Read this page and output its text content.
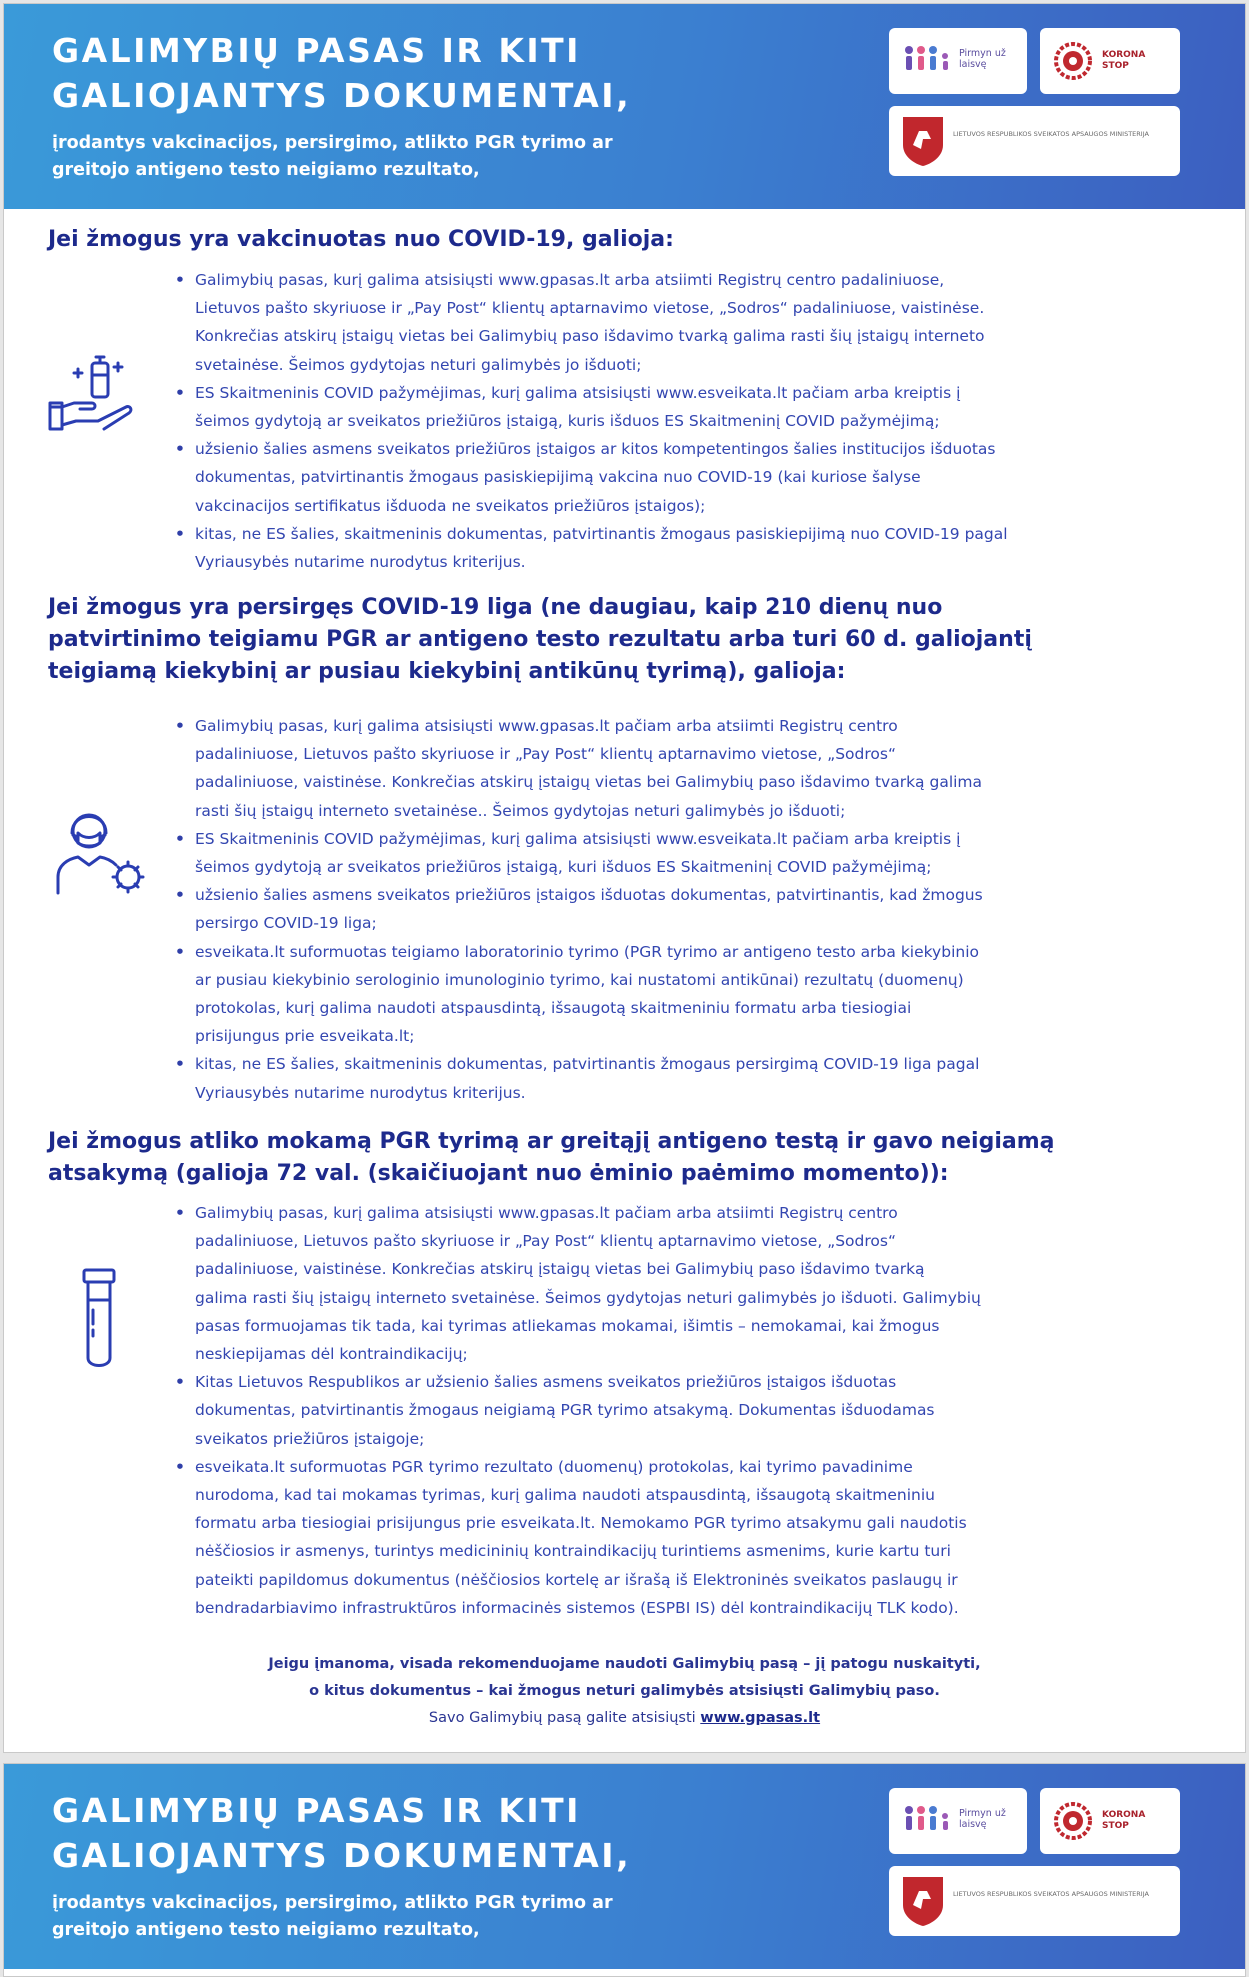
GALIMYBIŲ PASAS IR KITI
GALIOJANTYS DOKUMENTAI,
įrodantys vakcinacijos, persirgimo, atlikto PGR tyrimo ar
greitojo antigeno testo neigiamo rezultato,
Pirmyn už laisvę
KORONA STOP
LIETUVOS RESPUBLIKOS SVEIKATOS APSAUGOS MINISTERIJA
Jei žmogus yra vakcinuotas nuo COVID-19, galioja:
• Galimybių pasas, kurį galima atsisiųsti www.gpasas.lt arba atsiimti Registrų centro padaliniuose,
Lietuvos pašto skyriuose ir „Pay Post“ klientų aptarnavimo vietose, „Sodros“ padaliniuose, vaistinėse.
Konkrečias atskirų įstaigų vietas bei Galimybių paso išdavimo tvarką galima rasti šių įstaigų interneto
svetainėse. Šeimos gydytojas neturi galimybės jo išduoti;
• ES Skaitmeninis COVID pažymėjimas, kurį galima atsisiųsti www.esveikata.lt pačiam arba kreiptis į
šeimos gydytoją ar sveikatos priežiūros įstaigą, kuris išduos ES Skaitmeninį COVID pažymėjimą;
• užsienio šalies asmens sveikatos priežiūros įstaigos ar kitos kompetentingos šalies institucijos išduotas
dokumentas, patvirtinantis žmogaus pasiskiepijimą vakcina nuo COVID-19 (kai kuriose šalyse
vakcinacijos sertifikatus išduoda ne sveikatos priežiūros įstaigos);
• kitas, ne ES šalies, skaitmeninis dokumentas, patvirtinantis žmogaus pasiskiepijimą nuo COVID-19 pagal
Vyriausybės nutarime nurodytus kriterijus.
Jei žmogus yra persirgęs COVID-19 liga (ne daugiau, kaip 210 dienų nuo
patvirtinimo teigiamu PGR ar antigeno testo rezultatu arba turi 60 d. galiojantį
teigiamą kiekybinį ar pusiau kiekybinį antikūnų tyrimą), galioja:
• Galimybių pasas, kurį galima atsisiųsti www.gpasas.lt pačiam arba atsiimti Registrų centro
padaliniuose, Lietuvos pašto skyriuose ir „Pay Post“ klientų aptarnavimo vietose, „Sodros“
padaliniuose, vaistinėse. Konkrečias atskirų įstaigų vietas bei Galimybių paso išdavimo tvarką galima
rasti šių įstaigų interneto svetainėse.. Šeimos gydytojas neturi galimybės jo išduoti;
• ES Skaitmeninis COVID pažymėjimas, kurį galima atsisiųsti www.esveikata.lt pačiam arba kreiptis į
šeimos gydytoją ar sveikatos priežiūros įstaigą, kuri išduos ES Skaitmeninį COVID pažymėjimą;
• užsienio šalies asmens sveikatos priežiūros įstaigos išduotas dokumentas, patvirtinantis, kad žmogus
persirgo COVID-19 liga;
• esveikata.lt suformuotas teigiamo laboratorinio tyrimo (PGR tyrimo ar antigeno testo arba kiekybinio
ar pusiau kiekybinio serologinio imunologinio tyrimo, kai nustatomi antikūnai) rezultatų (duomenų)
protokolas, kurį galima naudoti atspausdintą, išsaugotą skaitmeniniu formatu arba tiesiogiai
prisijungus prie esveikata.lt;
• kitas, ne ES šalies, skaitmeninis dokumentas, patvirtinantis žmogaus persirgimą COVID-19 liga pagal
Vyriausybės nutarime nurodytus kriterijus.
Jei žmogus atliko mokamą PGR tyrimą ar greitąjį antigeno testą ir gavo neigiamą
atsakymą (galioja 72 val. (skaičiuojant nuo ėminio paėmimo momento)):
• Galimybių pasas, kurį galima atsisiųsti www.gpasas.lt pačiam arba atsiimti Registrų centro
padaliniuose, Lietuvos pašto skyriuose ir „Pay Post“ klientų aptarnavimo vietose, „Sodros“
padaliniuose, vaistinėse. Konkrečias atskirų įstaigų vietas bei Galimybių paso išdavimo tvarką
galima rasti šių įstaigų interneto svetainėse. Šeimos gydytojas neturi galimybės jo išduoti. Galimybių
pasas formuojamas tik tada, kai tyrimas atliekamas mokamai, išimtis – nemokamai, kai žmogus
neskiepijamas dėl kontraindikacijų;
• Kitas Lietuvos Respublikos ar užsienio šalies asmens sveikatos priežiūros įstaigos išduotas
dokumentas, patvirtinantis žmogaus neigiamą PGR tyrimo atsakymą. Dokumentas išduodamas
sveikatos priežiūros įstaigoje;
• esveikata.lt suformuotas PGR tyrimo rezultato (duomenų) protokolas, kai tyrimo pavadinime
nurodoma, kad tai mokamas tyrimas, kurį galima naudoti atspausdintą, išsaugotą skaitmeniniu
formatu arba tiesiogiai prisijungus prie esveikata.lt. Nemokamo PGR tyrimo atsakymu gali naudotis
nėščiosios ir asmenys, turintys medicininių kontraindikacijų turintiems asmenims, kurie kartu turi
pateikti papildomus dokumentus (nėščiosios kortelę ar išrašą iš Elektroninės sveikatos paslaugų ir
bendradarbiavimo infrastruktūros informacinės sistemos (ESPBI IS) dėl kontraindikacijų TLK kodo).
Jeigu įmanoma, visada rekomenduojame naudoti Galimybių pasą – jį patogu nuskaityti,
o kitus dokumentus – kai žmogus neturi galimybės atsisiųsti Galimybių paso.
Savo Galimybių pasą galite atsisiųsti www.gpasas.lt
GALIMYBIŲ PASAS IR KITI
GALIOJANTYS DOKUMENTAI,
įrodantys vakcinacijos, persirgimo, atlikto PGR tyrimo ar
greitojo antigeno testo neigiamo rezultato,
Pirmyn už laisvę
KORONA STOP
LIETUVOS RESPUBLIKOS SVEIKATOS APSAUGOS MINISTERIJA
